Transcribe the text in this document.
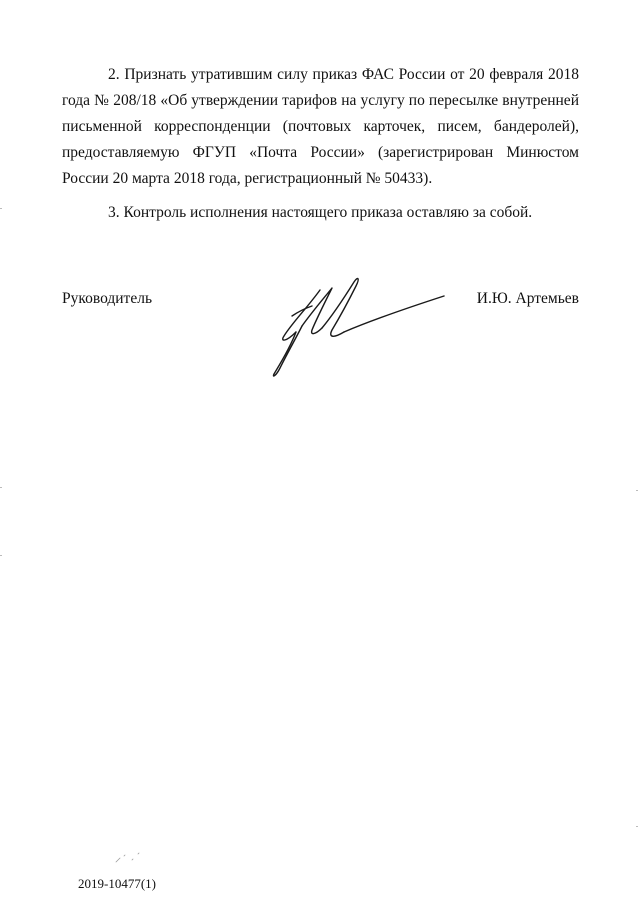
2. Признать утратившим силу приказ ФАС России от 20 февраля 2018 года № 208/18 «Об утверждении тарифов на услугу по пересылке внутренней письменной корреспонденции (почтовых карточек, писем, бандеролей), предоставляемую ФГУП «Почта России» (зарегистрирован Минюстом России 20 марта 2018 года, регистрационный № 50433).

3. Контроль исполнения настоящего приказа оставляю за собой.

Руководитель	И.Ю. Артемьев
2019-10477(1)
